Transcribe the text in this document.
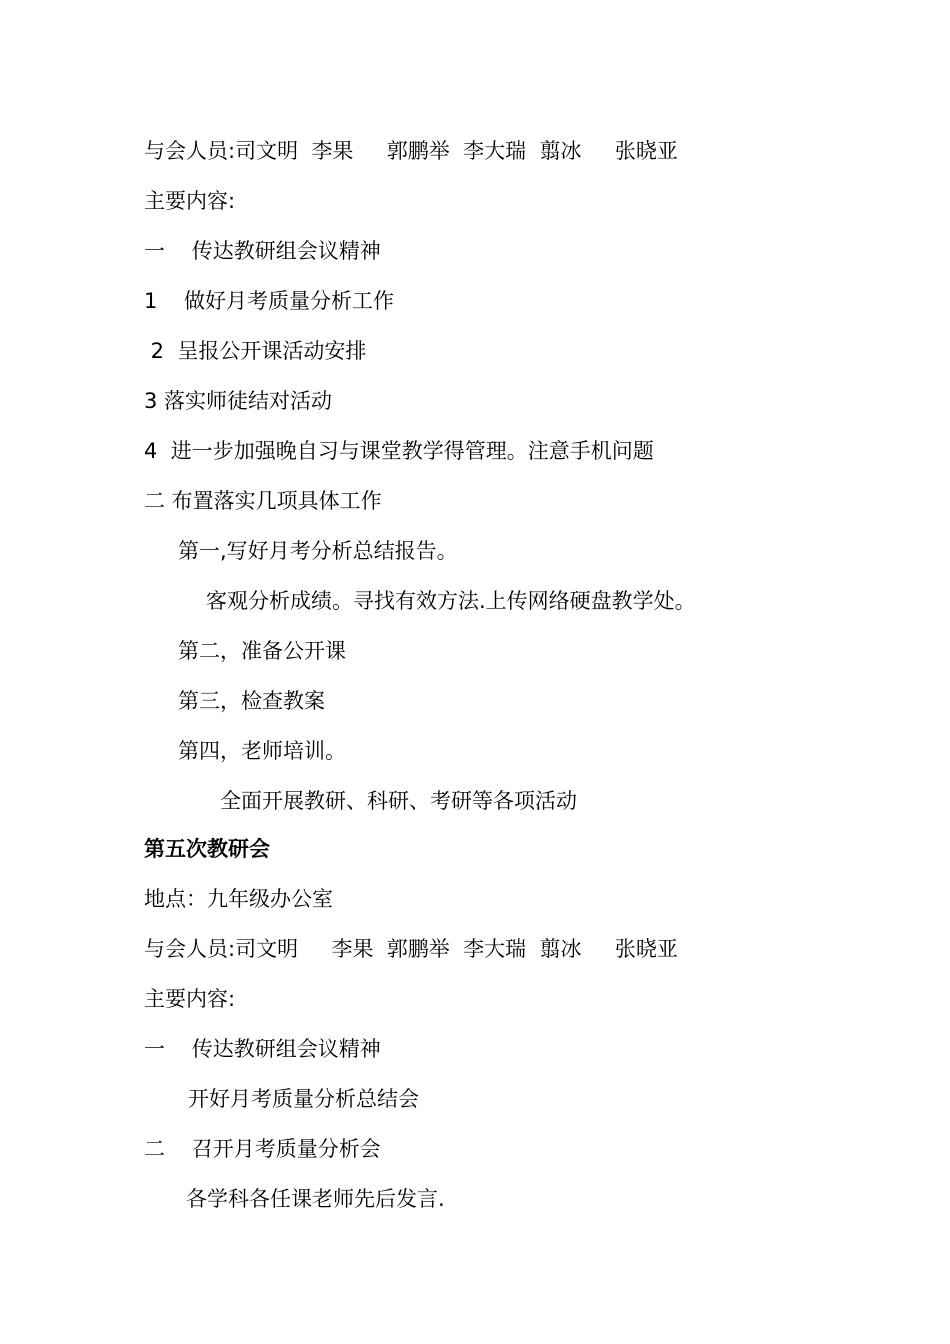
与会人员:司文明  李果     郭鹏举  李大瑞  翦冰     张晓亚
主要内容:
一    传达教研组会议精神
1    做好月考质量分析工作
2  呈报公开课活动安排
3 落实师徒结对活动
4  进一步加强晚自习与课堂教学得管理。注意手机问题
二 布置落实几项具体工作
第一,写好月考分析总结报告。
客观分析成绩。寻找有效方法.上传网络硬盘教学处。
第二，准备公开课
第三，检查教案
第四，老师培训。
全面开展教研、科研、考研等各项活动
第五次教研会
地点：九年级办公室
与会人员:司文明     李果  郭鹏举  李大瑞  翦冰     张晓亚
主要内容:
一    传达教研组会议精神
开好月考质量分析总结会
二    召开月考质量分析会
各学科各任课老师先后发言.
